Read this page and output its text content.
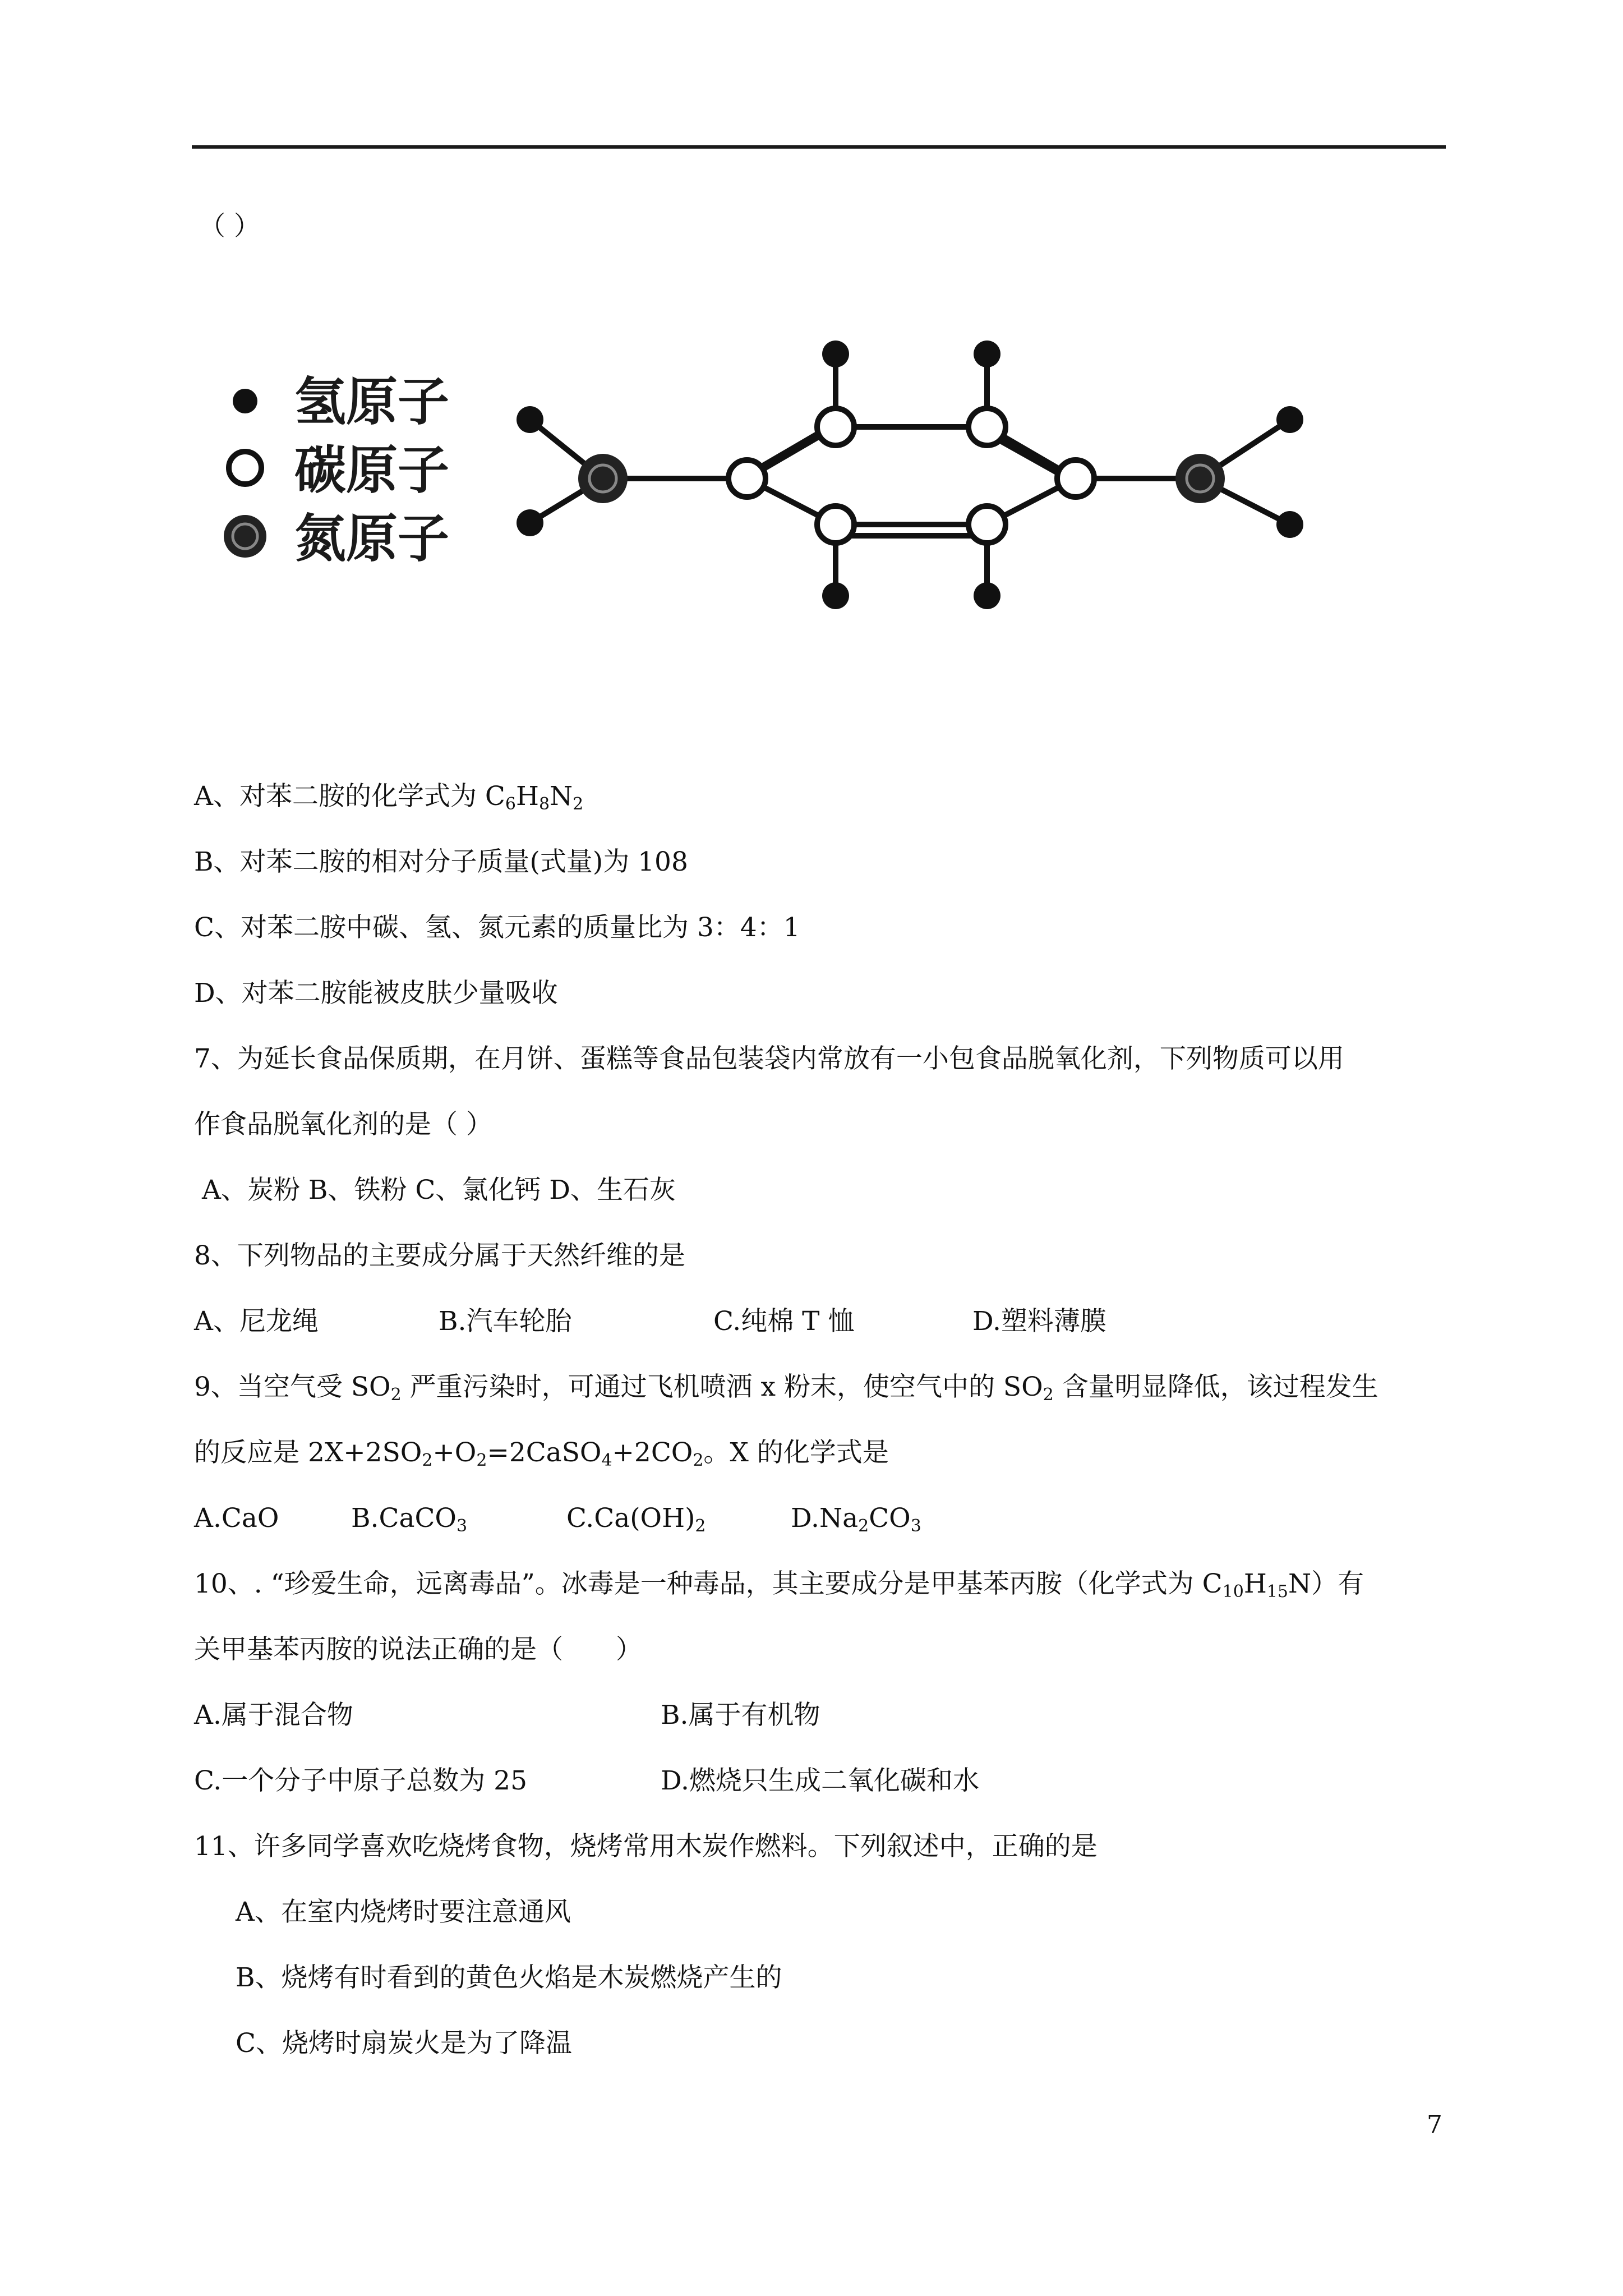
（ ）
氢原子
碳原子
氮原子
A、对苯二胺的化学式为 $C_6H_8N_2$
B、对苯二胺的相对分子质量(式量)为 108
C、对苯二胺中碳、氢、氮元素的质量比为 3：4：1
D、对苯二胺能被皮肤少量吸收
7、为延长食品保质期，在月饼、蛋糕等食品包装袋内常放有一小包食品脱氧化剂，下列物质可以用
作食品脱氧化剂的是（ ）
A、炭粉 B、铁粉 C、氯化钙 D、生石灰
8、下列物品的主要成分属于天然纤维的是
A、尼龙绳	B.汽车轮胎	C.纯棉 T 恤	D.塑料薄膜
9、当空气受 $SO_2$ 严重污染时，可通过飞机喷洒 x 粉末，使空气中的 $SO_2$ 含量明显降低，该过程发生
的反应是 $2X+2SO_2+O_2=2CaSO_4+2CO_2$。X 的化学式是
A.CaO	B.CaCO$_3$	$C.Ca(OH)_2$	$D.Na_2CO_3$
10、. “珍爱生命，远离毒品”。冰毒是一种毒品，其主要成分是甲基苯丙胺（化学式为 $C_{10}H_{15}N$）有
关甲基苯丙胺的说法正确的是（　　）
A.属于混合物	B.属于有机物
C.一个分子中原子总数为 25	D.燃烧只生成二氧化碳和水
11、许多同学喜欢吃烧烤食物，烧烤常用木炭作燃料。下列叙述中，正确的是
A、在室内烧烤时要注意通风
B、烧烤有时看到的黄色火焰是木炭燃烧产生的
C、烧烤时扇炭火是为了降温
7
